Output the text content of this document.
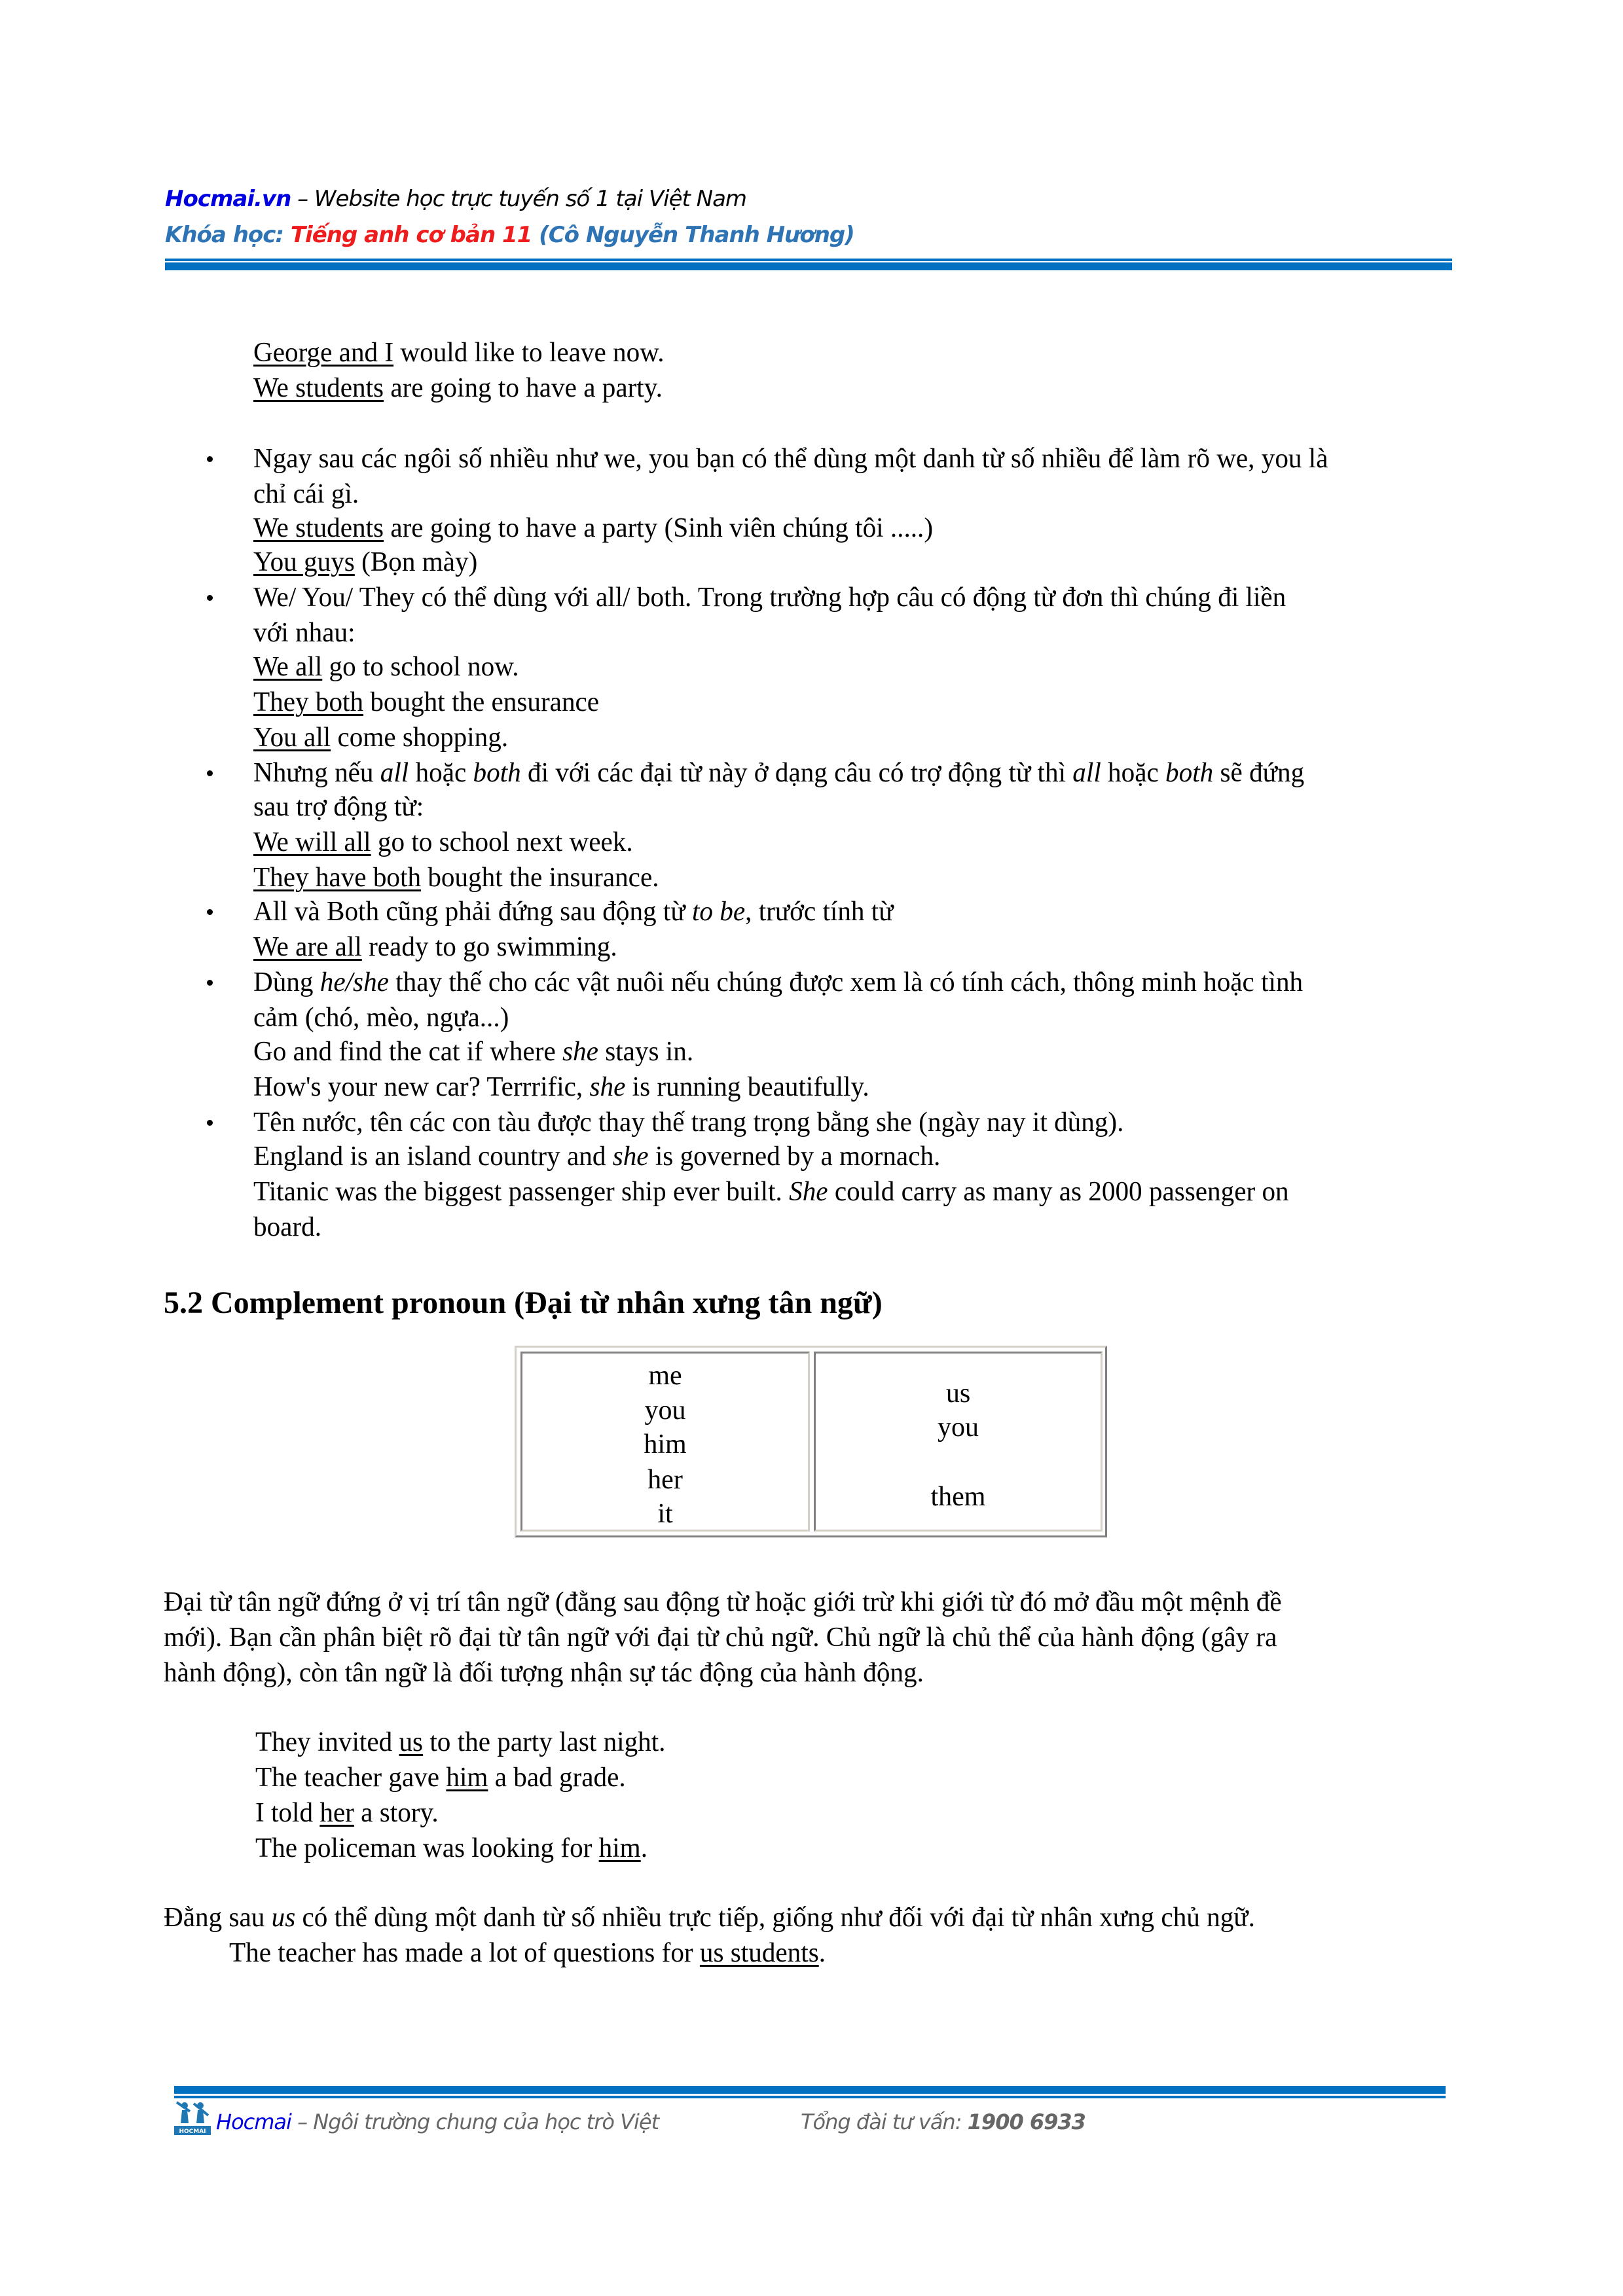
Hocmai.vn – Website học trực tuyến số 1 tại Việt Nam
Khóa học: Tiếng anh cơ bản 11 (Cô Nguyễn Thanh Hương)
George and I would like to leave now.
We students are going to have a party.
Ngay sau các ngôi số nhiều như we, you bạn có thể dùng một danh từ số nhiều để làm rõ we, you là
chỉ cái gì.
We students are going to have a party (Sinh viên chúng tôi .....)
You guys (Bọn mày)
We/ You/ They có thể dùng với all/ both. Trong trường hợp câu có động từ đơn thì chúng đi liền
với nhau:
We all go to school now.
They both bought the ensurance
You all come shopping.
Nhưng nếu all hoặc both đi với các đại từ này ở dạng câu có trợ động từ thì all hoặc both sẽ đứng
sau trợ động từ:
We will all go to school next week.
They have both bought the insurance.
All và Both cũng phải đứng sau động từ to be, trước tính từ
We are all ready to go swimming.
Dùng he/she thay thế cho các vật nuôi nếu chúng được xem là có tính cách, thông minh hoặc tình
cảm (chó, mèo, ngựa...)
Go and find the cat if where she stays in.
How's your new car? Terrrific, she is running beautifully.
Tên nước, tên các con tàu được thay thế trang trọng bằng she (ngày nay it dùng).
England is an island country and she is governed by a mornach.
Titanic was the biggest passenger ship ever built. She could carry as many as 2000 passenger on
board.
5.2 Complement pronoun (Đại từ nhân xưng tân ngữ)
me
you
him
her
it
us
you
them
Đại từ tân ngữ đứng ở vị trí tân ngữ (đằng sau động từ hoặc giới trừ khi giới từ đó mở đầu một mệnh đề
mới). Bạn cần phân biệt rõ đại từ tân ngữ với đại từ chủ ngữ. Chủ ngữ là chủ thể của hành động (gây ra
hành động), còn tân ngữ là đối tượng nhận sự tác động của hành động.
They invited us to the party last night.
The teacher gave him a bad grade.
I told her a story.
The policeman was looking for him.
Đằng sau us có thể dùng một danh từ số nhiều trực tiếp, giống như đối với đại từ nhân xưng chủ ngữ.
The teacher has made a lot of questions for us students.
HOCMAI Hocmai – Ngôi trường chung của học trò Việt	Tổng đài tư vấn: 1900 6933
